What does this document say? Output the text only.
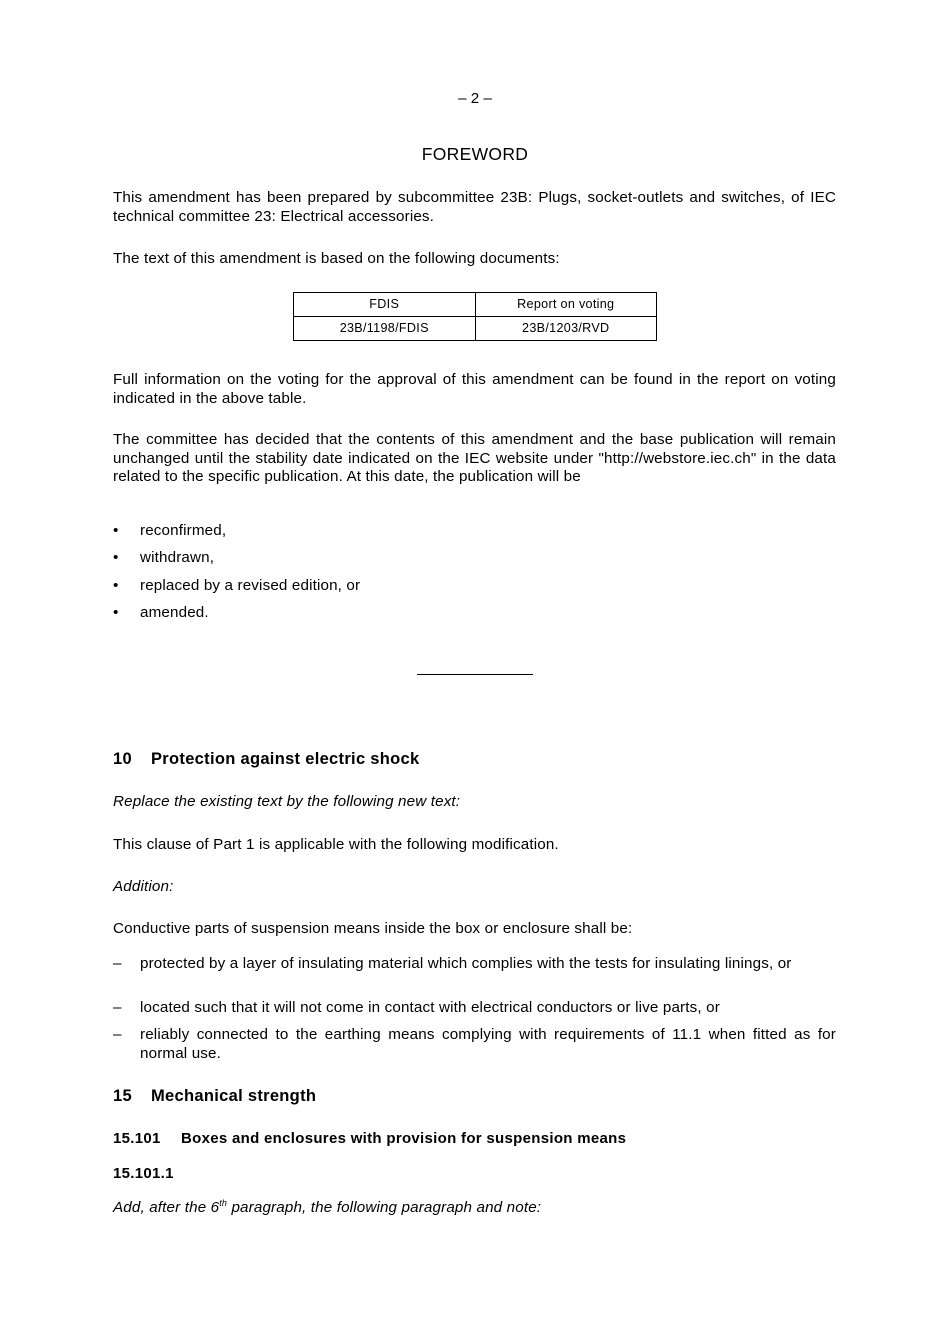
– 2 –
FOREWORD
This amendment has been prepared by subcommittee 23B: Plugs, socket-outlets and switches, of IEC technical committee 23: Electrical accessories.
The text of this amendment is based on the following documents:
FDIS	Report on voting
23B/1198/FDIS	23B/1203/RVD
Full information on the voting for the approval of this amendment can be found in the report on voting indicated in the above table.
The committee has decided that the contents of this amendment and the base publication will remain unchanged until the stability date indicated on the IEC website under "http://webstore.iec.ch" in the data related to the specific publication. At this date, the publication will be
• reconfirmed,
• withdrawn,
• replaced by a revised edition, or
• amended.
10 Protection against electric shock
Replace the existing text by the following new text:
This clause of Part 1 is applicable with the following modification.
Addition:
Conductive parts of suspension means inside the box or enclosure shall be:
– protected by a layer of insulating material which complies with the tests for insulating linings, or
– located such that it will not come in contact with electrical conductors or live parts, or
– reliably connected to the earthing means complying with requirements of 11.1 when fitted as for normal use.
15 Mechanical strength
15.101 Boxes and enclosures with provision for suspension means
15.101.1
Add, after the 6th paragraph, the following paragraph and note:
